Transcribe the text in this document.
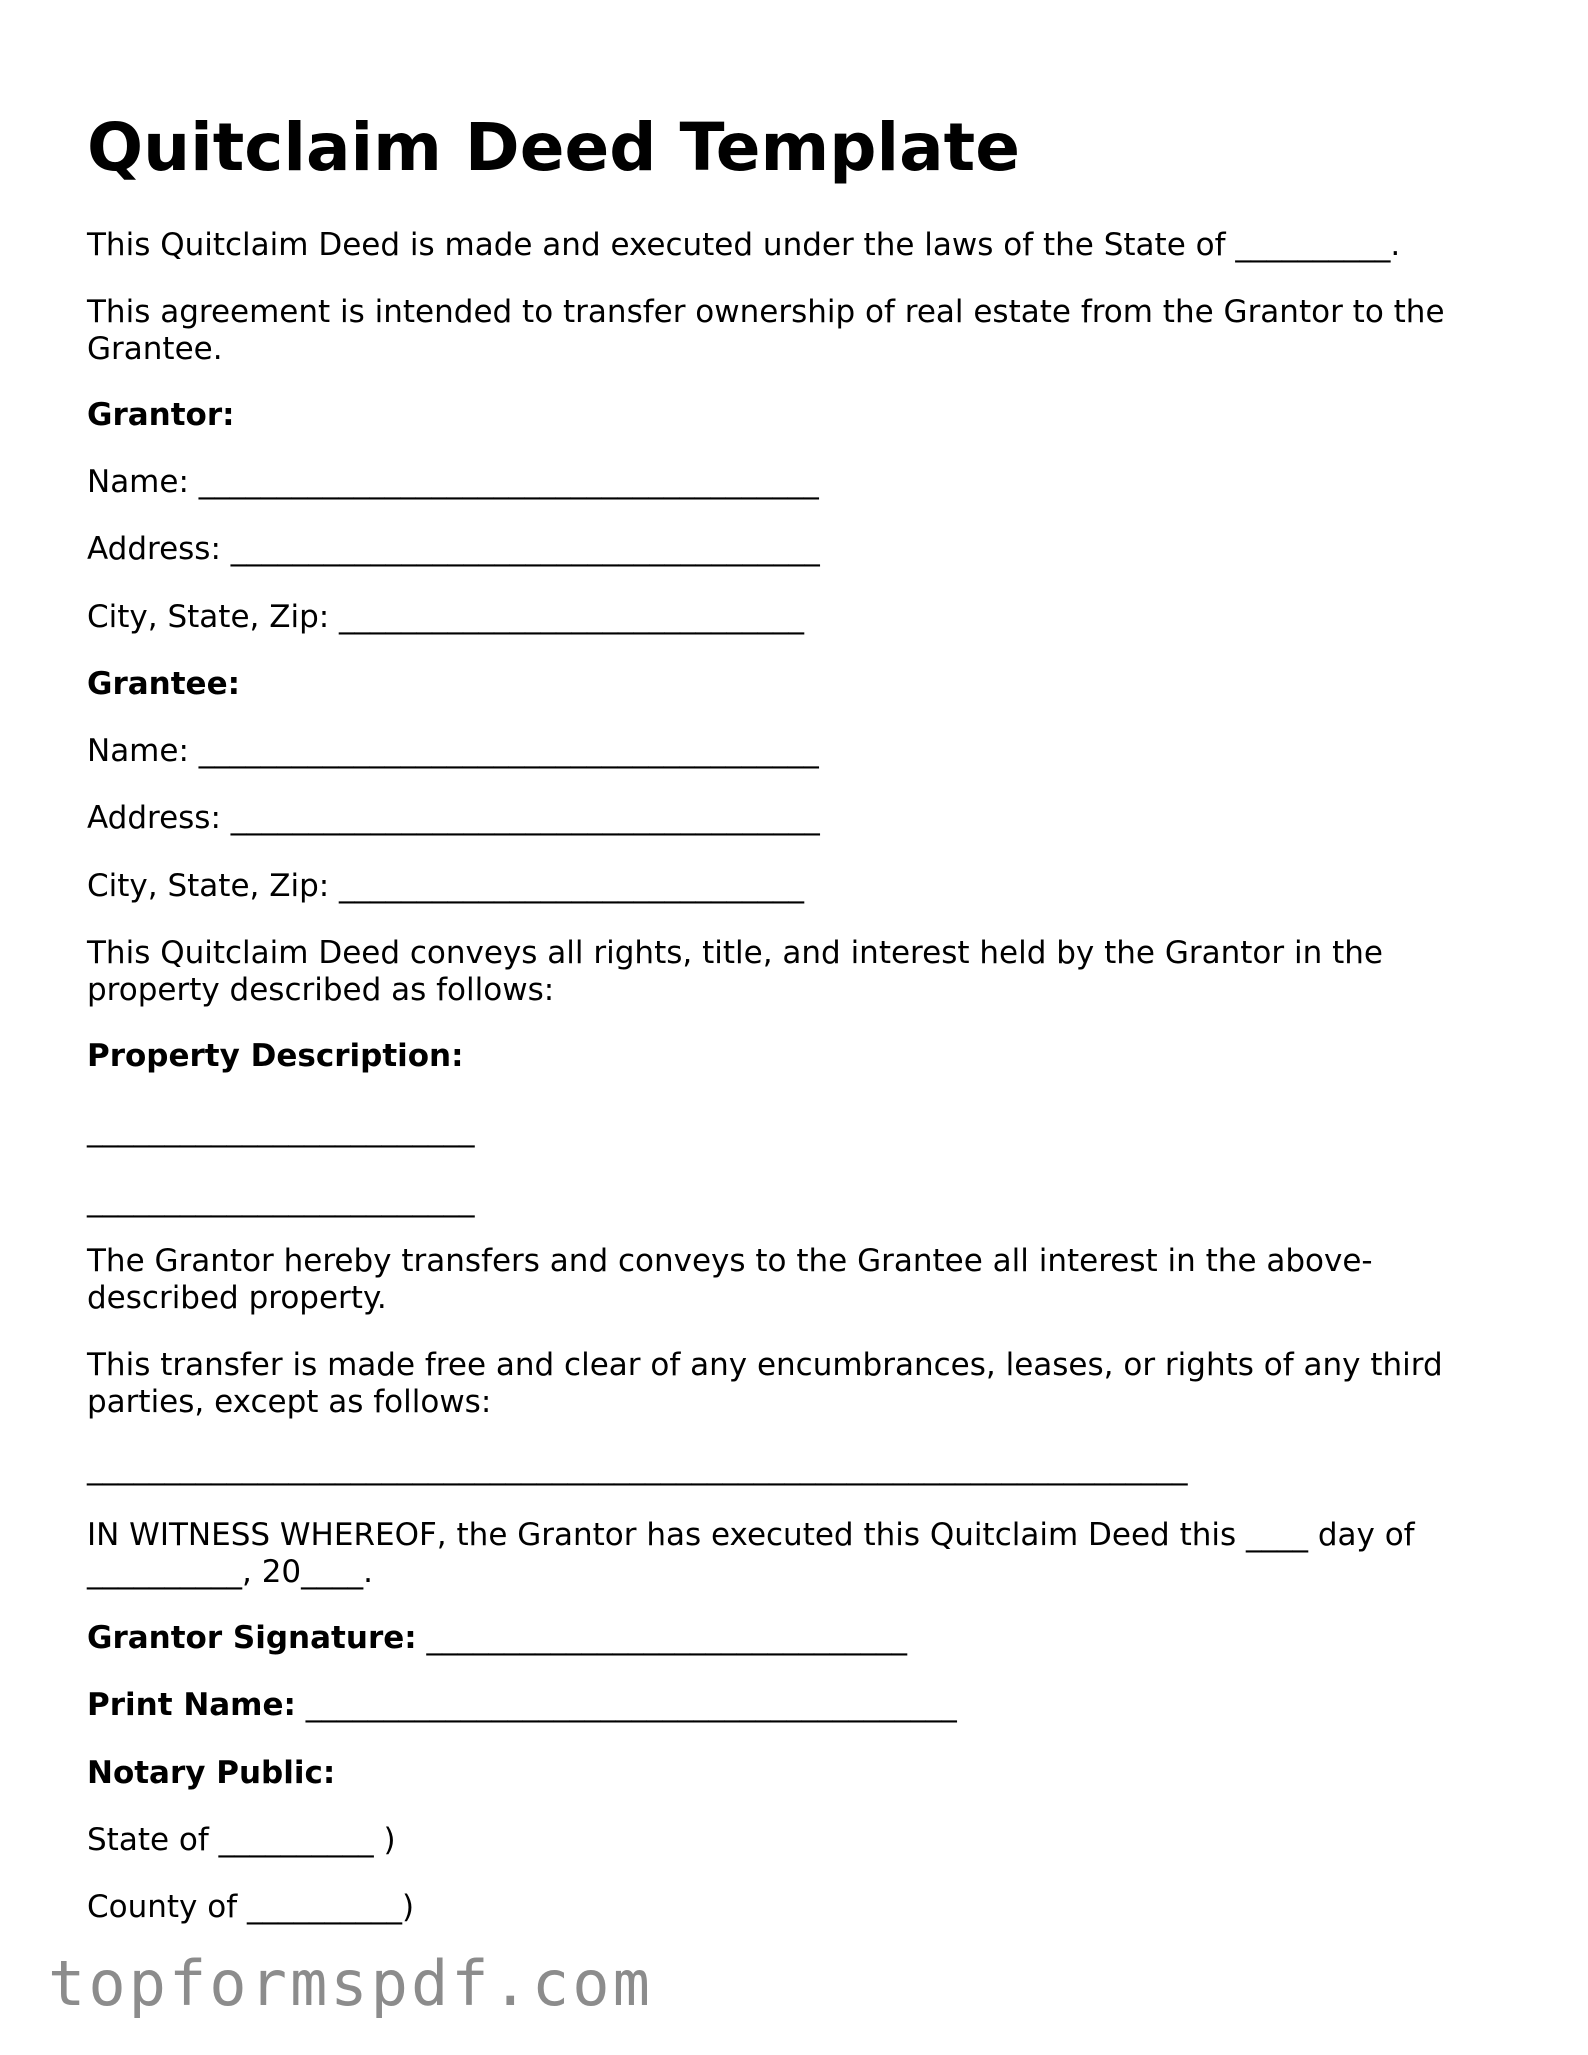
Quitclaim Deed Template

This Quitclaim Deed is made and executed under the laws of the State of __________.

This agreement is intended to transfer ownership of real estate from the Grantor to the Grantee.

Grantor:

Name: ________________________________________

Address: ______________________________________

City, State, Zip: ______________________________

Grantee:

Name: ________________________________________

Address: ______________________________________

City, State, Zip: ______________________________

This Quitclaim Deed conveys all rights, title, and interest held by the Grantor in the property described as follows:

Property Description:

_________________________

_________________________

The Grantor hereby transfers and conveys to the Grantee all interest in the above-described property.

This transfer is made free and clear of any encumbrances, leases, or rights of any third parties, except as follows:

_______________________________________________________________________

IN WITNESS WHEREOF, the Grantor has executed this Quitclaim Deed this ____ day of __________, 20____.

Grantor Signature: _______________________________

Print Name: __________________________________________

Notary Public:

State of __________ )

County of __________)

topformspdf.com
